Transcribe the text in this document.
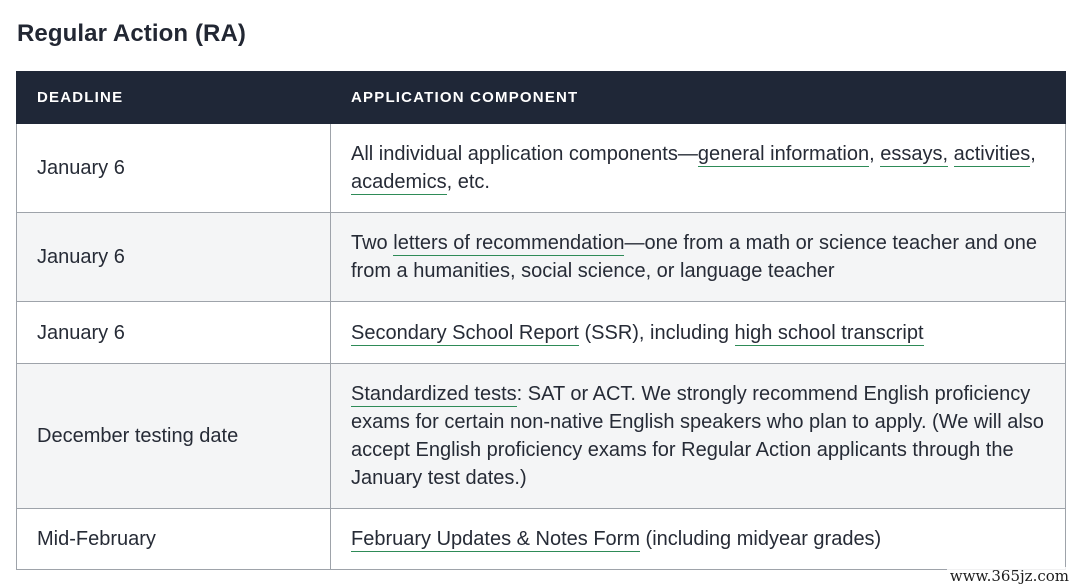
Regular Action (RA)
DEADLINE	APPLICATION COMPONENT
January 6	All individual application components—general information, essays, activities, academics, etc.
January 6	Two letters of recommendation—one from a math or science teacher and one from a humanities, social science, or language teacher
January 6	Secondary School Report (SSR), including high school transcript
December testing date	Standardized tests: SAT or ACT. We strongly recommend English proficiency exams for certain non-native English speakers who plan to apply. (We will also accept English proficiency exams for Regular Action applicants through the January test dates.)
Mid-February	February Updates & Notes Form (including midyear grades)
www.365jz.com
